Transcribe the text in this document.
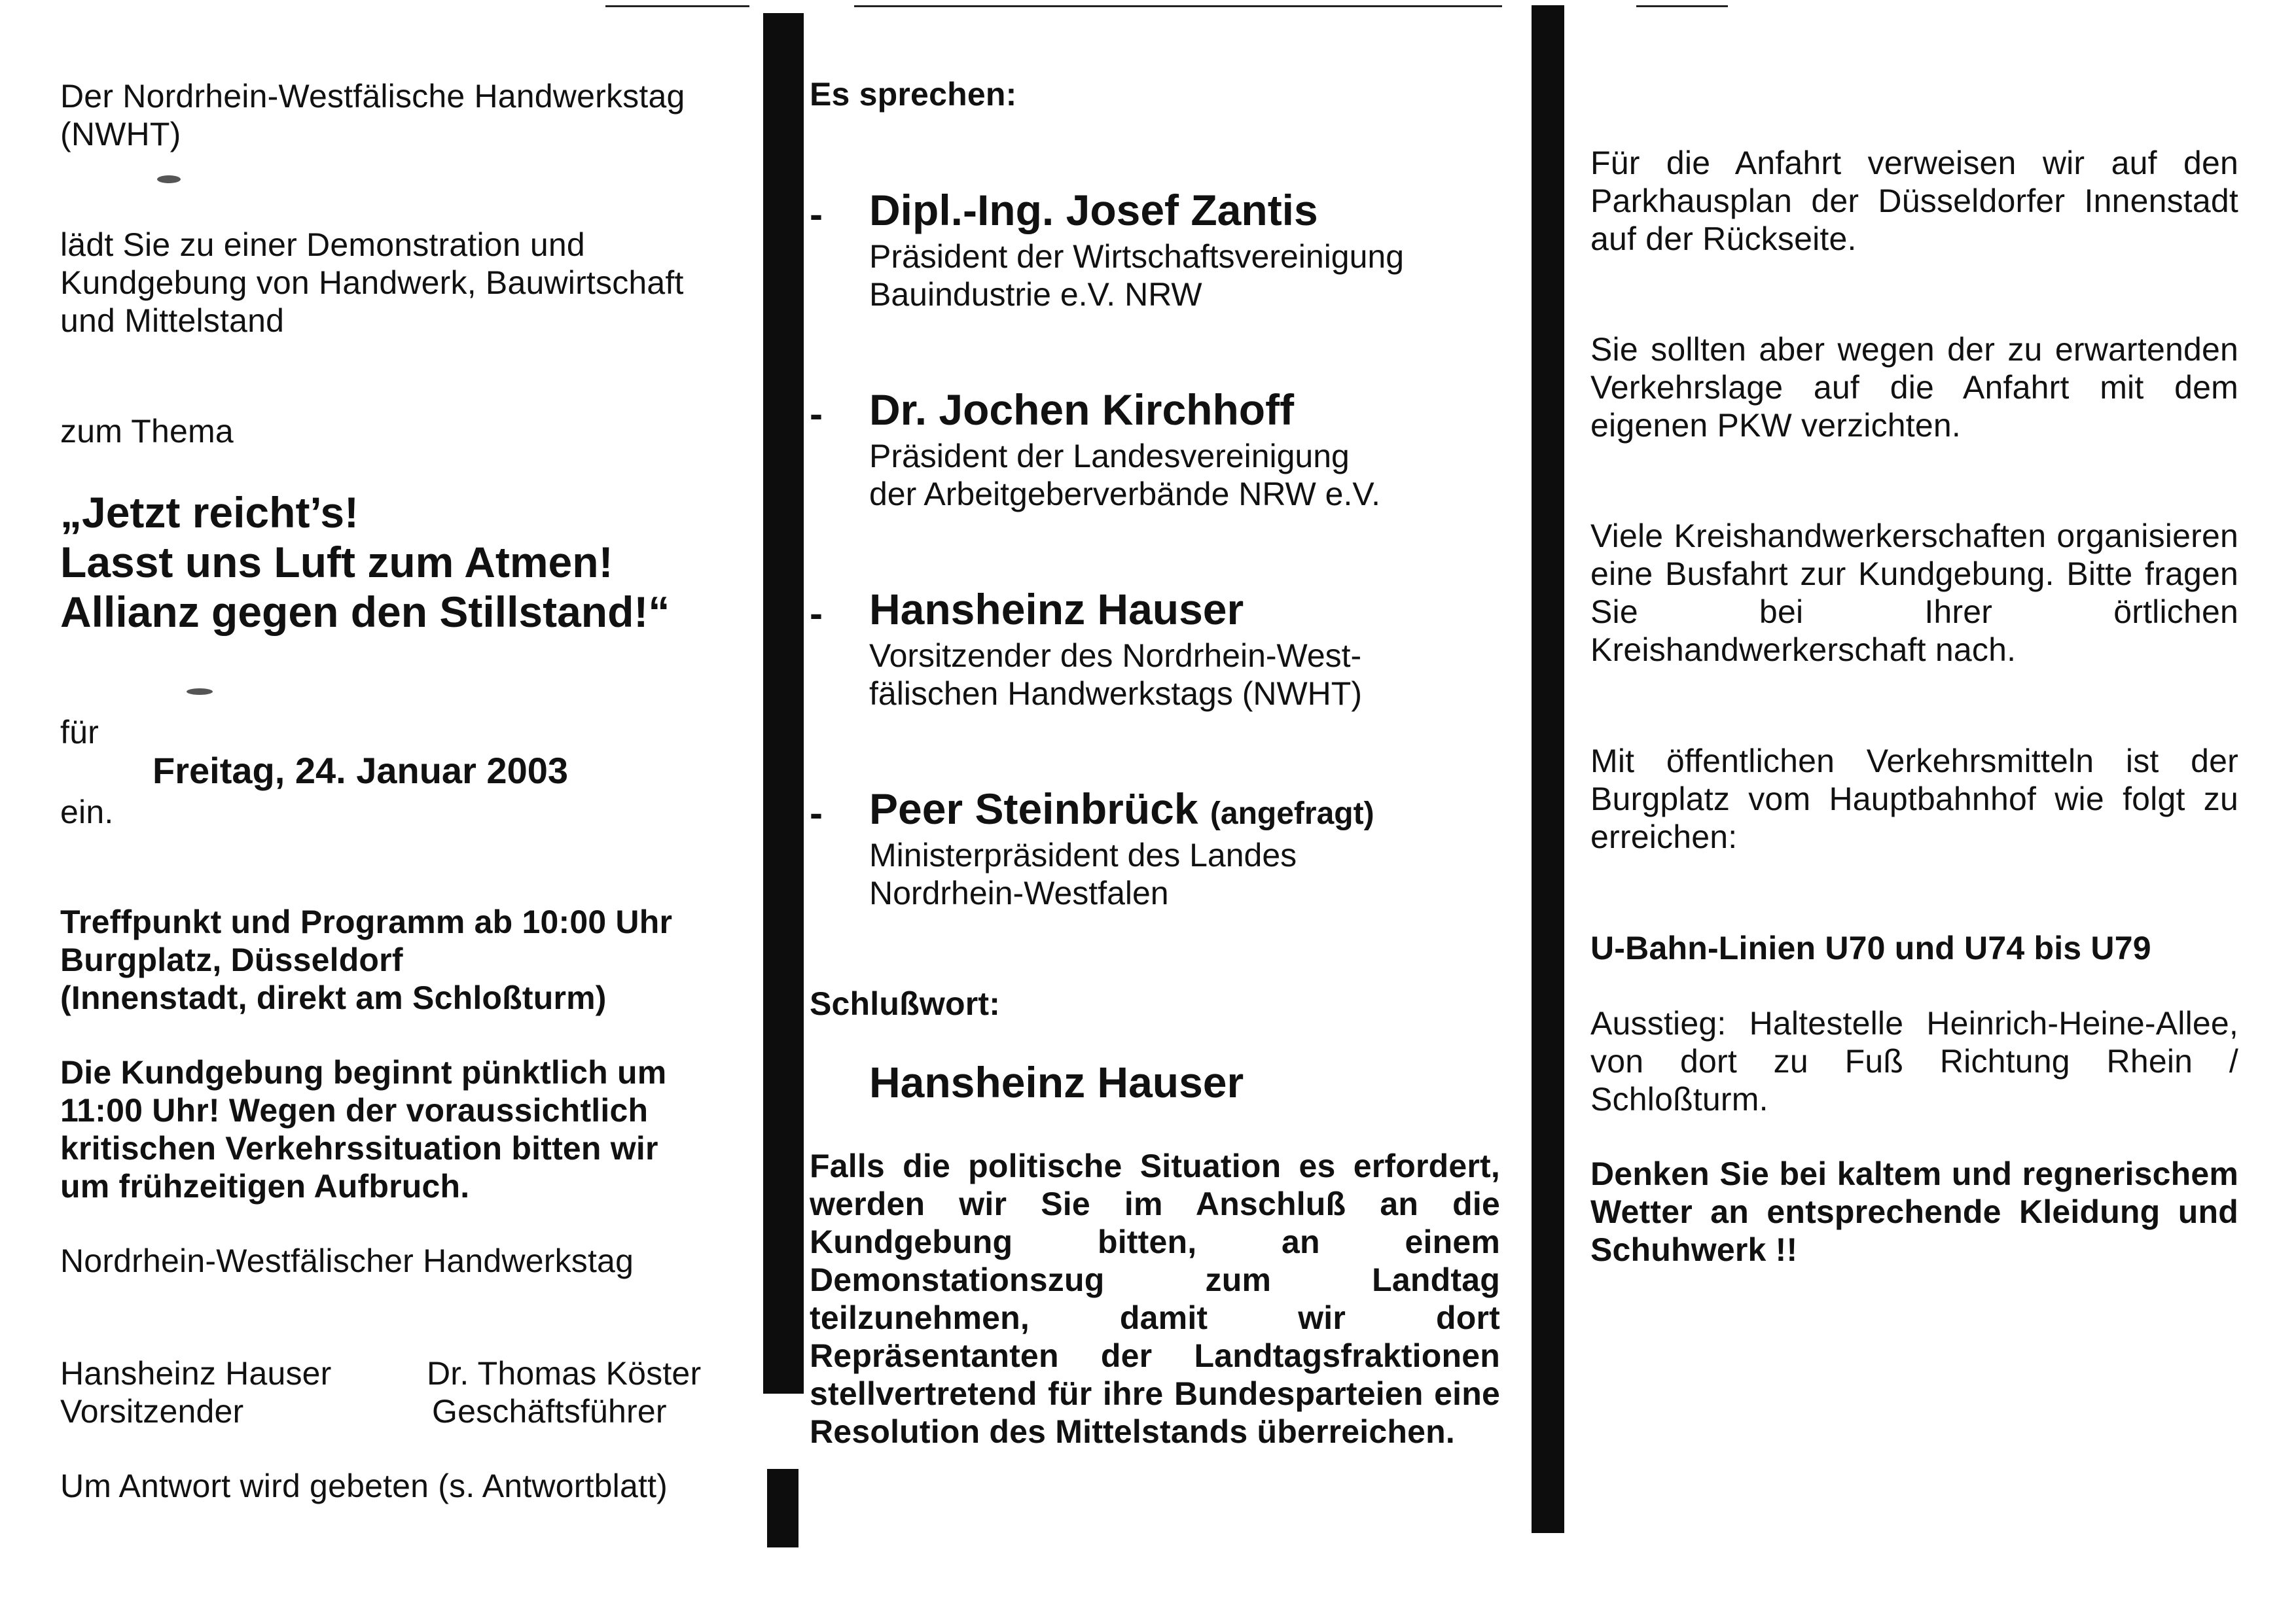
Der Nordrhein-Westfälische Handwerkstag (NWHT)

lädt Sie zu einer Demonstration und Kundgebung von Handwerk, Bauwirtschaft und Mittelstand

zum Thema

„Jetzt reicht’s!
Lasst uns Luft zum Atmen!
Allianz gegen den Stillstand!“

für

Freitag, 24. Januar 2003

ein.

Treffpunkt und Programm ab 10:00 Uhr
Burgplatz, Düsseldorf
(Innenstadt, direkt am Schloßturm)

Die Kundgebung beginnt pünktlich um 11:00 Uhr! Wegen der voraussichtlich kritischen Verkehrssituation bitten wir um frühzeitigen Aufbruch.

Nordrhein-Westfälischer Handwerkstag

Hansheinz Hauser
Vorsitzender
Dr. Thomas Köster
Geschäftsführer

Um Antwort wird gebeten (s. Antwortblatt)

Es sprechen:

- Dipl.-Ing. Josef Zantis
Präsident der Wirtschaftsvereinigung
Bauindustrie e.V. NRW
- Dr. Jochen Kirchhoff
Präsident der Landesvereinigung
der Arbeitgeberverbände NRW e.V.
- Hansheinz Hauser
Vorsitzender des Nordrhein-West-
fälischen Handwerkstags (NWHT)
- Peer Steinbrück (angefragt)
Ministerpräsident des Landes
Nordrhein-Westfalen

Schlußwort:

Hansheinz Hauser

Falls die politische Situation es erfordert, werden wir Sie im Anschluß an die Kundgebung bitten, an einem Demonstationszug zum Landtag teilzunehmen, damit wir dort Repräsentanten der Landtagsfraktionen stellvertretend für ihre Bundesparteien eine Resolution des Mittelstands überreichen.

Für die Anfahrt verweisen wir auf den Parkhausplan der Düsseldorfer Innenstadt auf der Rückseite.

Sie sollten aber wegen der zu erwartenden Verkehrslage auf die Anfahrt mit dem eigenen PKW verzichten.

Viele Kreishandwerkerschaften organisieren eine Busfahrt zur Kundgebung. Bitte fragen Sie bei Ihrer örtlichen Kreishandwerkerschaft nach.

Mit öffentlichen Verkehrsmitteln ist der Burgplatz vom Hauptbahnhof wie folgt zu erreichen:

U-Bahn-Linien U70 und U74 bis U79

Ausstieg: Haltestelle Heinrich-Heine-Allee, von dort zu Fuß Richtung Rhein / Schloßturm.

Denken Sie bei kaltem und regnerischem Wetter an entsprechende Kleidung und Schuhwerk !!
